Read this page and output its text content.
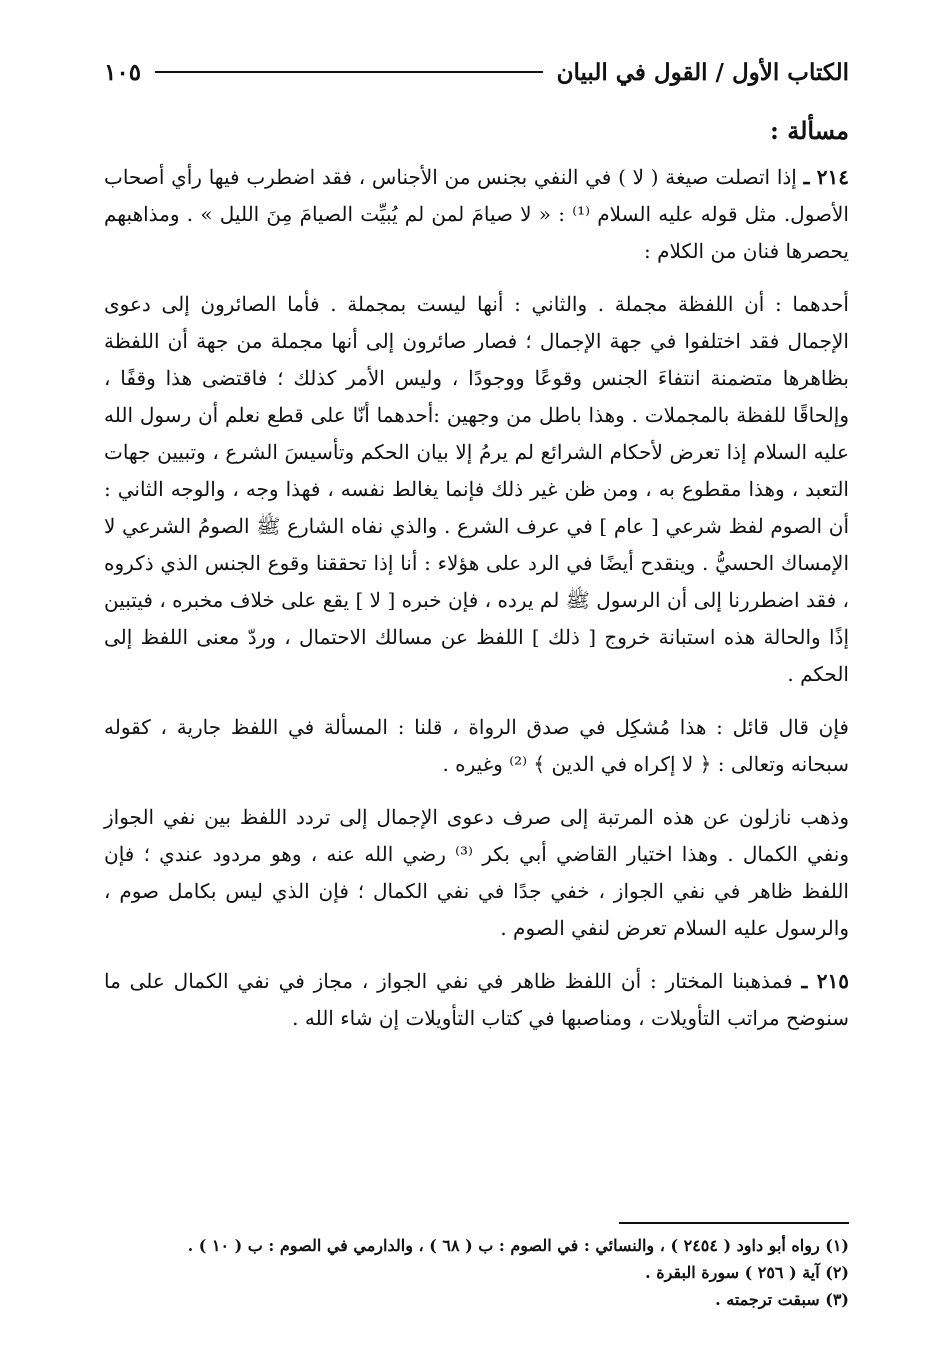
الكتاب الأول / القول في البيان
١٠٥
مسألة :

٢١٤ ـ إذا اتصلت صيغة ( لا ) في النفي بجنس من الأجناس ، فقد اضطرب فيها رأي أصحاب الأصول. مثل قوله عليه السلام ⁽¹⁾ : « لا صيامَ لمن لم يُبيِّت الصيامَ مِنَ الليل » . ومذاهبهم يحصرها فنان من الكلام :

أحدهما : أن اللفظة مجملة . والثاني : أنها ليست بمجملة . فأما الصائرون إلى دعوى الإجمال فقد اختلفوا في جهة الإجمال ؛ فصار صائرون إلى أنها مجملة من جهة أن اللفظة بظاهرها متضمنة انتفاءَ الجنس وقوعًا ووجودًا ، وليس الأمر كذلك ؛ فاقتضى هذا وقفًا ، وإلحاقًا للفظة بالمجملات . وهذا باطل من وجهين :أحدهما أنّا على قطع نعلم أن رسول الله عليه السلام إذا تعرض لأحكام الشرائع لم يرمُ إلا بيان الحكم وتأسيسَ الشرع ، وتبيين جهات التعبد ، وهذا مقطوع به ، ومن ظن غير ذلك فإنما يغالط نفسه ، فهذا وجه ، والوجه الثاني : أن الصوم لفظ شرعي [ عام ] في عرف الشرع . والذي نفاه الشارع ﷺ الصومُ الشرعي لا الإمساك الحسيُّ . وينقدح أيضًا في الرد على هؤلاء : أنا إذا تحققنا وقوع الجنس الذي ذكروه ، فقد اضطررنا إلى أن الرسول ﷺ لم يرده ، فإن خبره [ لا ] يقع على خلاف مخبره ، فيتبين إذًا والحالة هذه استبانة خروج [ ذلك ] اللفظ عن مسالك الاحتمال ، وردّ معنى اللفظ إلى الحكم .

فإن قال قائل : هذا مُشكِل في صدق الرواة ، قلنا : المسألة في اللفظ جارية ، كقوله سبحانه وتعالى : ﴿ لا إكراه في الدين ﴾ ⁽²⁾ وغيره .

وذهب نازلون عن هذه المرتبة إلى صرف دعوى الإجمال إلى تردد اللفظ بين نفي الجواز ونفي الكمال . وهذا اختيار القاضي أبي بكر ⁽³⁾ رضي الله عنه ، وهو مردود عندي ؛ فإن اللفظ ظاهر في نفي الجواز ، خفي جدًا في نفي الكمال ؛ فإن الذي ليس بكامل صوم ، والرسول عليه السلام تعرض لنفي الصوم .

٢١٥ ـ فمذهبنا المختار : أن اللفظ ظاهر في نفي الجواز ، مجاز في نفي الكمال على ما سنوضح مراتب التأويلات ، ومناصبها في كتاب التأويلات إن شاء الله .

(١) رواه أبو داود ( ٢٤٥٤ ) ، والنسائي : في الصوم : ب ( ٦٨ ) ، والدارمي في الصوم : ب ( ١٠ ) .

(٢) آية ( ٢٥٦ ) سورة البقرة .

(٣) سبقت ترجمته .
